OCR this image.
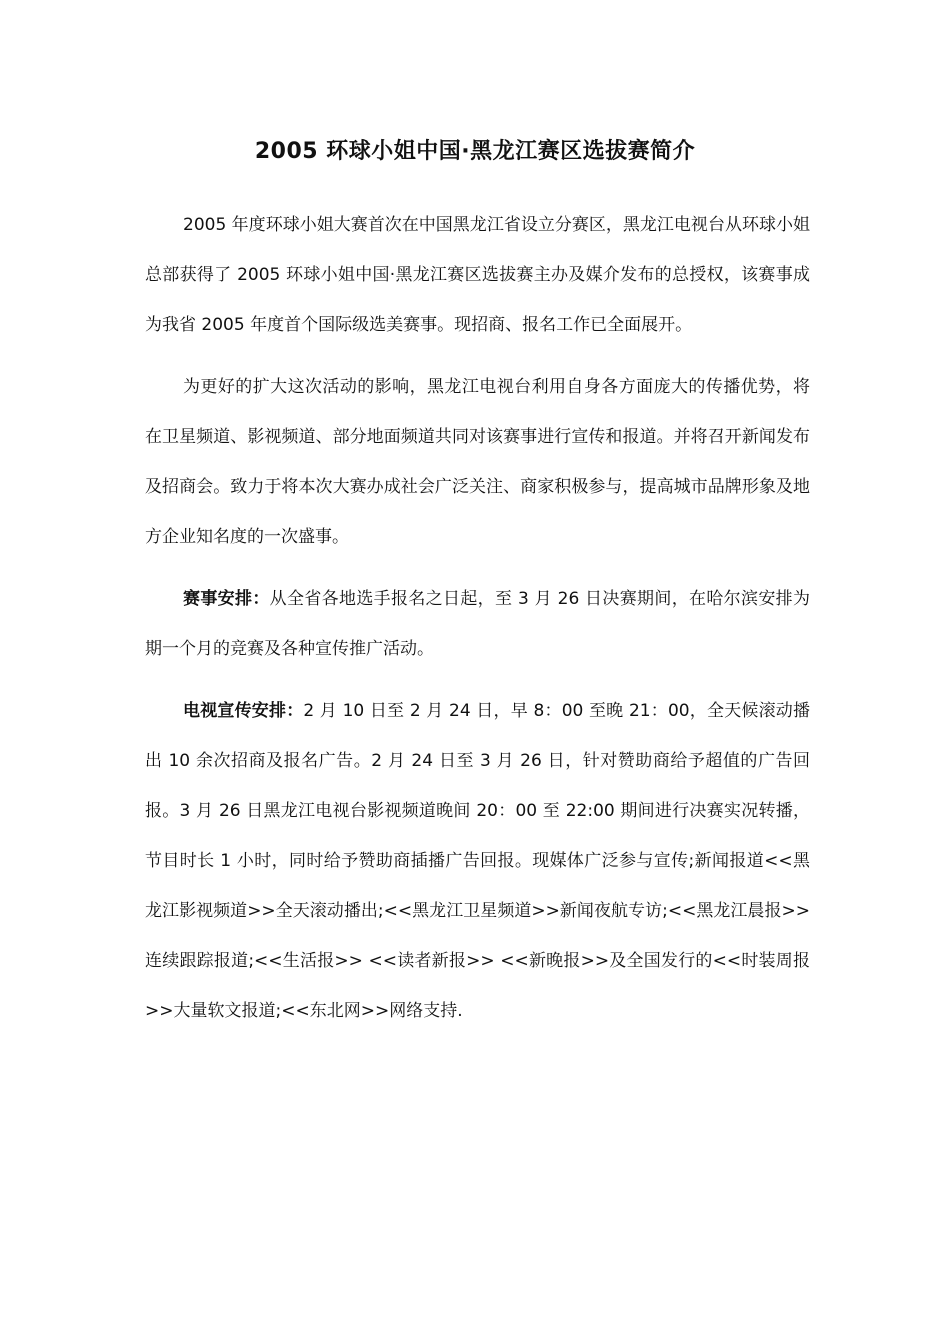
2005 环球小姐中国·黑龙江赛区选拔赛简介

2005 年度环球小姐大赛首次在中国黑龙江省设立分赛区，黑龙江电视台从环球小姐总部获得了 2005 环球小姐中国·黑龙江赛区选拔赛主办及媒介发布的总授权，该赛事成为我省 2005 年度首个国际级选美赛事。现招商、报名工作已全面展开。

为更好的扩大这次活动的影响，黑龙江电视台利用自身各方面庞大的传播优势，将在卫星频道、影视频道、部分地面频道共同对该赛事进行宣传和报道。并将召开新闻发布及招商会。致力于将本次大赛办成社会广泛关注、商家积极参与，提高城市品牌形象及地方企业知名度的一次盛事。

赛事安排：从全省各地选手报名之日起，至 3 月 26 日决赛期间，在哈尔滨安排为期一个月的竞赛及各种宣传推广活动。

电视宣传安排：2 月 10 日至 2 月 24 日，早 8：00 至晚 21：00，全天候滚动播出 10 余次招商及报名广告。2 月 24 日至 3 月 26 日，针对赞助商给予超值的广告回报。3 月 26 日黑龙江电视台影视频道晚间 20：00 至 22:00 期间进行决赛实况转播，节目时长 1 小时，同时给予赞助商插播广告回报。现媒体广泛参与宣传;新闻报道<<黑龙江影视频道>>全天滚动播出;<<黑龙江卫星频道>>新闻夜航专访;<<黑龙江晨报>>连续跟踪报道;<<生活报>> <<读者新报>> <<新晚报>>及全国发行的<<时装周报>>大量软文报道;<<东北网>>网络支持.
